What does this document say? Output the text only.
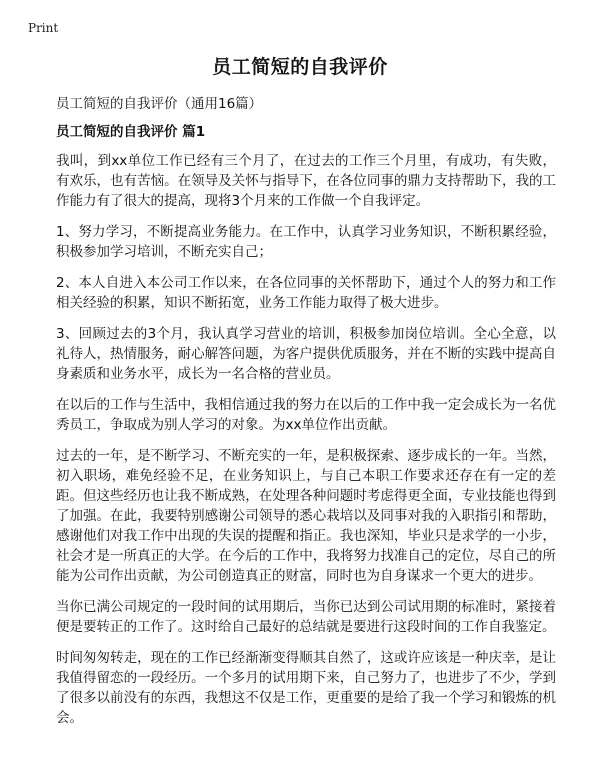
Print
员工简短的自我评价

员工简短的自我评价（通用16篇）

员工简短的自我评价 篇1

我叫，到xx单位工作已经有三个月了，在过去的工作三个月里，有成功，有失败，有欢乐，也有苦恼。在领导及关怀与指导下，在各位同事的鼎力支持帮助下，我的工作能力有了很大的提高，现将3个月来的工作做一个自我评定。

1、努力学习，不断提高业务能力。在工作中，认真学习业务知识，不断积累经验，积极参加学习培训，不断充实自己；

2、本人自进入本公司工作以来，在各位同事的关怀帮助下，通过个人的努力和工作相关经验的积累，知识不断拓宽，业务工作能力取得了极大进步。

3、回顾过去的3个月，我认真学习营业的培训，积极参加岗位培训。全心全意，以礼待人，热情服务，耐心解答问题，为客户提供优质服务，并在不断的实践中提高自身素质和业务水平，成长为一名合格的营业员。

在以后的工作与生活中，我相信通过我的努力在以后的工作中我一定会成长为一名优秀员工，争取成为别人学习的对象。为xx单位作出贡献。

过去的一年，是不断学习、不断充实的一年，是积极探索、逐步成长的一年。当然，初入职场，难免经验不足，在业务知识上，与自己本职工作要求还存在有一定的差距。但这些经历也让我不断成熟，在处理各种问题时考虑得更全面，专业技能也得到了加强。在此，我要特别感谢公司领导的悉心栽培以及同事对我的入职指引和帮助，感谢他们对我工作中出现的失误的提醒和指正。我也深知，毕业只是求学的一小步，社会才是一所真正的大学。在今后的工作中，我将努力找准自己的定位，尽自己的所能为公司作出贡献，为公司创造真正的财富，同时也为自身谋求一个更大的进步。

当你已满公司规定的一段时间的试用期后，当你已达到公司试用期的标准时，紧接着便是要转正的工作了。这时给自己最好的总结就是要进行这段时间的工作自我鉴定。

时间匆匆转走，现在的工作已经渐渐变得顺其自然了，这或许应该是一种庆幸，是让我值得留恋的一段经历。一个多月的试用期下来，自己努力了，也进步了不少，学到了很多以前没有的东西，我想这不仅是工作，更重要的是给了我一个学习和锻炼的机会。
